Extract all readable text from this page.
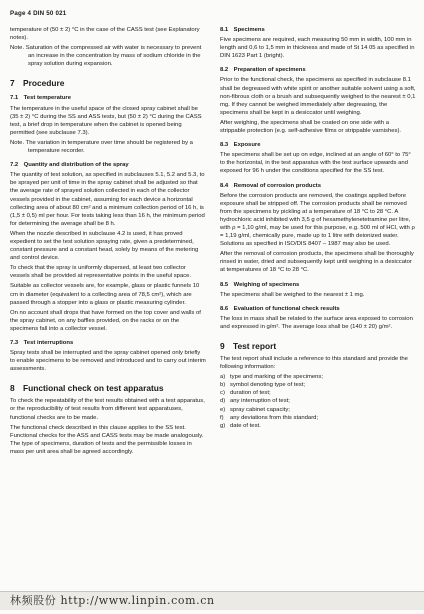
Page 4 DIN 50 021

temperature of (50 ± 2) °C in the case of the CASS test (see Explanatory notes).

Note. Saturation of the compressed air with water is necessary to prevent an increase in the concentration by mass of sodium chloride in the spray solution during expansion.

7 Procedure
7.1 Test temperature

The temperature in the useful space of the closed spray cabinet shall be (35 ± 2) °C during the SS and ASS tests, but (50 ± 2) °C during the CASS test, a brief drop in temperature when the cabinet is opened being permitted (see subclause 7.3).

Note. The variation in temperature over time should be registered by a temperature recorder.

7.2 Quantity and distribution of the spray

The quantity of test solution, as specified in subclauses 5.1, 5.2 and 5.3, to be sprayed per unit of time in the spray cabinet shall be adjusted so that the average rate of sprayed solution collected in each of the collector vessels provided in the cabinet, assuming for each device a horizontal collecting area of about 80 cm² and a minimum collection period of 16 h, is (1,5 ± 0,5) ml per hour. For tests taking less than 16 h, the minimum period for determining the average shall be 8 h.

When the nozzle described in subclause 4.2 is used, it has proved expedient to set the test solution spraying rate, given a predetermined, constant pressure and a constant head, solely by means of the metering and control device.

To check that the spray is uniformly dispersed, at least two collector vessels shall be provided at representative points in the useful space.

Suitable as collector vessels are, for example, glass or plastic funnels 10 cm in diameter (equivalent to a collecting area of 78,5 cm²), which are passed through a stopper into a glass or plastic measuring cylinder.

On no account shall drops that have formed on the top cover and walls of the spray cabinet, on any baffles provided, on the racks or on the specimens fall into a collector vessel.

7.3 Test interruptions

Spray tests shall be interrupted and the spray cabinet opened only briefly to enable specimens to be removed and introduced and to carry out interim assessments.

8 Functional check on test apparatus

To check the repeatability of the test results obtained with a test apparatus, or the reproducibility of test results from different test apparatuses, functional checks are to be made.

The functional check described in this clause applies to the SS test. Functional checks for the ASS and CASS tests may be made analogously. The type of specimens, duration of tests and the permissible losses in mass per unit area shall be agreed accordingly.

8.1 Specimens

Five specimens are required, each measuring 50 mm in width, 100 mm in length and 0,6 to 1,5 mm in thickness and made of St 14 05 as specified in DIN 1623 Part 1 (bright).

8.2 Preparation of specimens

Prior to the functional check, the specimens as specified in subclause 8.1 shall be degreased with white spirit or another suitable solvent using a soft, non-fibrous cloth or a brush and subsequently weighed to the nearest ± 0,1 mg. If they cannot be weighed immediately after degreasing, the specimens shall be kept in a desiccator until weighing.

After weighing, the specimens shall be coated on one side with a strippable protection (e.g. self-adhesive films or strippable varnishes).

8.3 Exposure

The specimens shall be set up on edge, inclined at an angle of 60° to 75° to the horizontal, in the test apparatus with the test surface upwards and exposed for 96 h under the conditions specified for the SS test.

8.4 Removal of corrosion products

Before the corrosion products are removed, the coatings applied before exposure shall be stripped off. The corrosion products shall be removed from the specimens by pickling at a temperature of 18 °C to 28 °C. A hydrochloric acid inhibited with 3,5 g of hexamethylenetetramine per litre, with ρ = 1,10 g/ml, may be used for this purpose, e.g. 500 ml of HCl, with ρ = 1,19 g/ml, chemically pure, made up to 1 litre with deionized water. Solutions as specified in ISO/DIS 8407 – 1987 may also be used.

After the removal of corrosion products, the specimens shall be thoroughly rinsed in water, dried and subsequently kept until weighing in a desiccator at temperatures of 18 °C to 28 °C.

8.5 Weighing of specimens

The specimens shall be weighed to the nearest ± 1 mg.

8.6 Evaluation of functional check results

The loss in mass shall be related to the surface area exposed to corrosion and expressed in g/m². The average loss shall be (140 ± 20) g/m².

9 Test report

The test report shall include a reference to this standard and provide the following information:

a) type and marking of the specimens;
b) symbol denoting type of test;
c) duration of test;
d) any interruption of test;
e) spray cabinet capacity;
f)	any deviations from this standard;
g) date of test.
林频股份 http://www.linpin.com.cn
